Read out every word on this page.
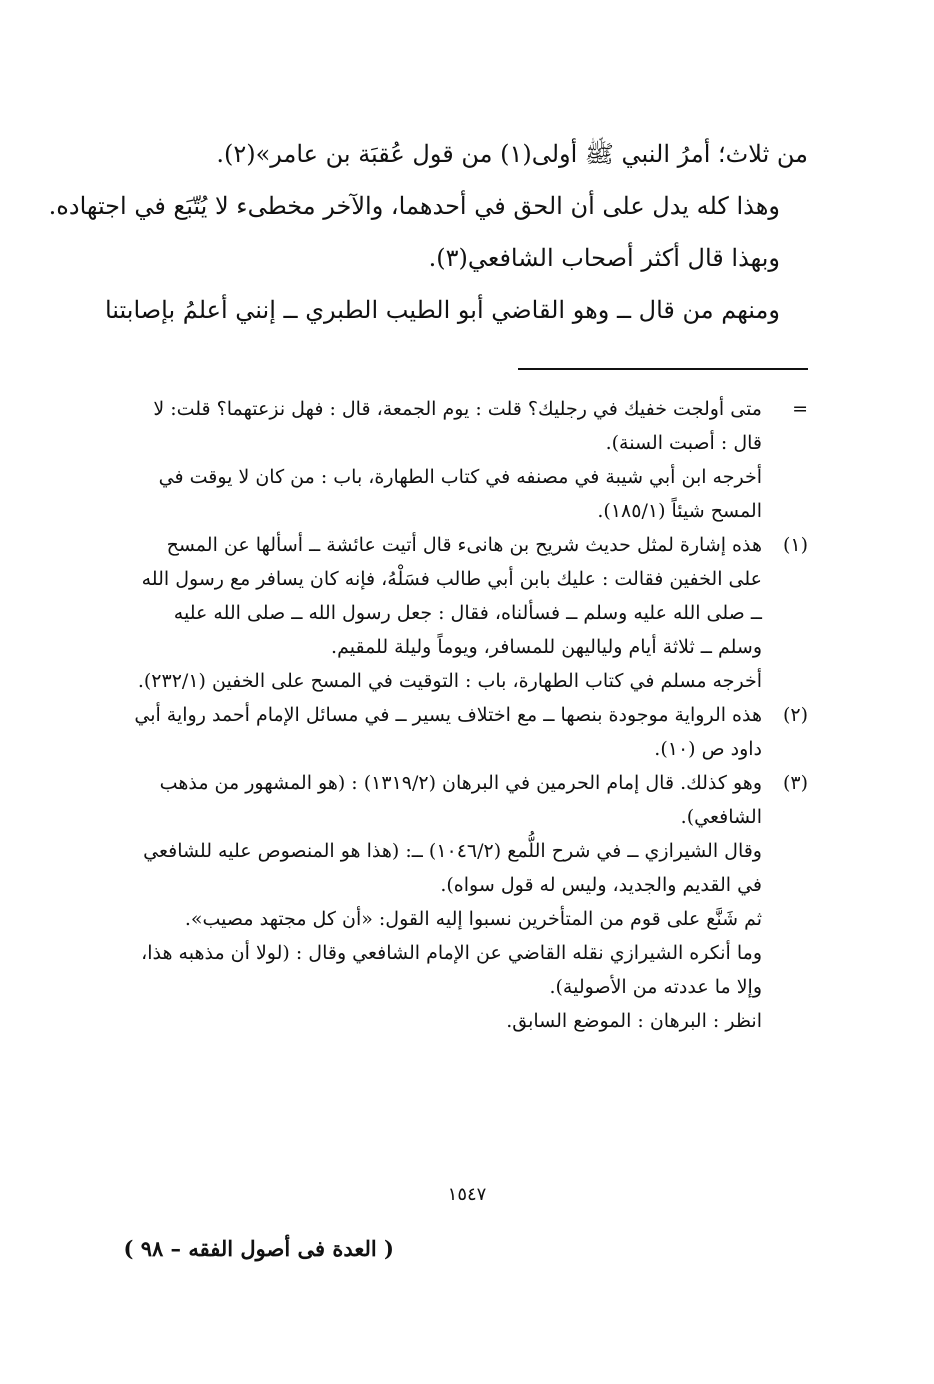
من ثلاث؛ أمرُ النبي ﷺ أولى(١) من قول عُقبَة بن عامر»(٢).

وهذا كله يدل على أن الحق في أحدهما، والآخر مخطىء لا يُتّبَع في اجتهاده.

وبهذا قال أكثر أصحاب الشافعي(٣).

ومنهم من قال ــ وهو القاضي أبو الطيب الطبري ــ إنني أعلمُ بإصابتنا

=

متى أولجت خفيك في رجليك؟ قلت : يوم الجمعة، قال : فهل نزعتهما؟ قلت: لا قال : أصبت السنة).

أخرجه ابن أبي شيبة في مصنفه في كتاب الطهارة، باب : من كان لا يوقت في المسح شيئاً (١٨٥/١).

(١)

هذه إشارة لمثل حديث شريح بن هانىء قال أتيت عائشة ــ أسألها عن المسح على الخفين فقالت : عليك بابن أبي طالب فسَلْهُ، فإنه كان يسافر مع رسول الله ــ صلى الله عليه وسلم ــ فسألناه، فقال : جعل رسول الله ــ صلى الله عليه وسلم ــ ثلاثة أيام ولياليهن للمسافر، ويوماً وليلة للمقيم.

أخرجه مسلم في كتاب الطهارة، باب : التوقيت في المسح على الخفين (٢٣٢/١).

(٢)

هذه الرواية موجودة بنصها ــ مع اختلاف يسير ــ في مسائل الإمام أحمد رواية أبي داود ص (١٠).

(٣)

وهو كذلك. قال إمام الحرمين في البرهان (١٣١٩/٢) : (هو المشهور من مذهب الشافعي).

وقال الشيرازي ــ في شرح اللُّمع (١٠٤٦/٢) ــ: (هذا هو المنصوص عليه للشافعي في القديم والجديد، وليس له قول سواه).

ثم شَنَّع على قوم من المتأخرين نسبوا إليه القول: «أن كل مجتهد مصيب».

وما أنكره الشيرازي نقله القاضي عن الإمام الشافعي وقال : (لولا أن مذهبه هذا، وإلا ما عددته من الأصولية).

انظر : البرهان : الموضع السابق.

١٥٤٧
( العدة فى أصول الفقه – ٩٨ )
